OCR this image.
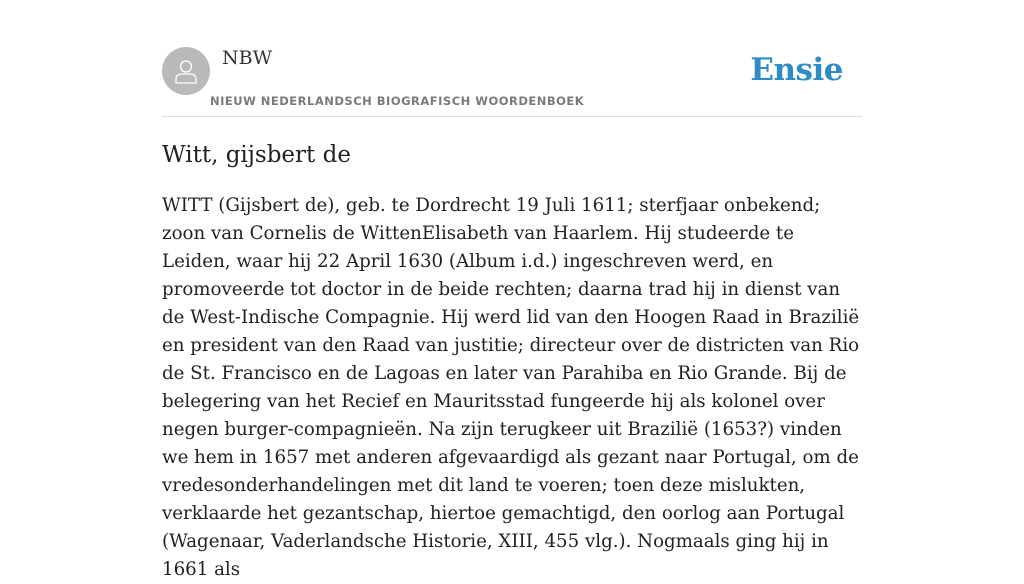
NBW
NIEUW NEDERLANDSCH BIOGRAFISCH WOORDENBOEK
Ensie
Witt, gijsbert de

WITT (Gijsbert de), geb. te Dordrecht 19 Juli 1611; sterfjaar onbekend; zoon van Cornelis de WittenElisabeth van Haarlem. Hij studeerde te Leiden, waar hij 22 April 1630 (Album i.d.) ingeschreven werd, en promoveerde tot doctor in de beide rechten; daarna trad hij in dienst van de West-Indische Compagnie. Hij werd lid van den Hoogen Raad in Brazilië en president van den Raad van justitie; directeur over de districten van Rio de St. Francisco en de Lagoas en later van Parahiba en Rio Grande. Bij de belegering van het Recief en Mauritsstad fungeerde hij als kolonel over negen burger-compagnieën. Na zijn terugkeer uit Brazilië (1653?) vinden we hem in 1657 met anderen afgevaardigd als gezant naar Portugal, om de vredesonderhandelingen met dit land te voeren; toen deze mislukten, verklaarde het gezantschap, hiertoe gemachtigd, den oorlog aan Portugal (Wagenaar, Vaderlandsche Historie, XIII, 455 vlg.). Nogmaals ging hij in 1661 als
